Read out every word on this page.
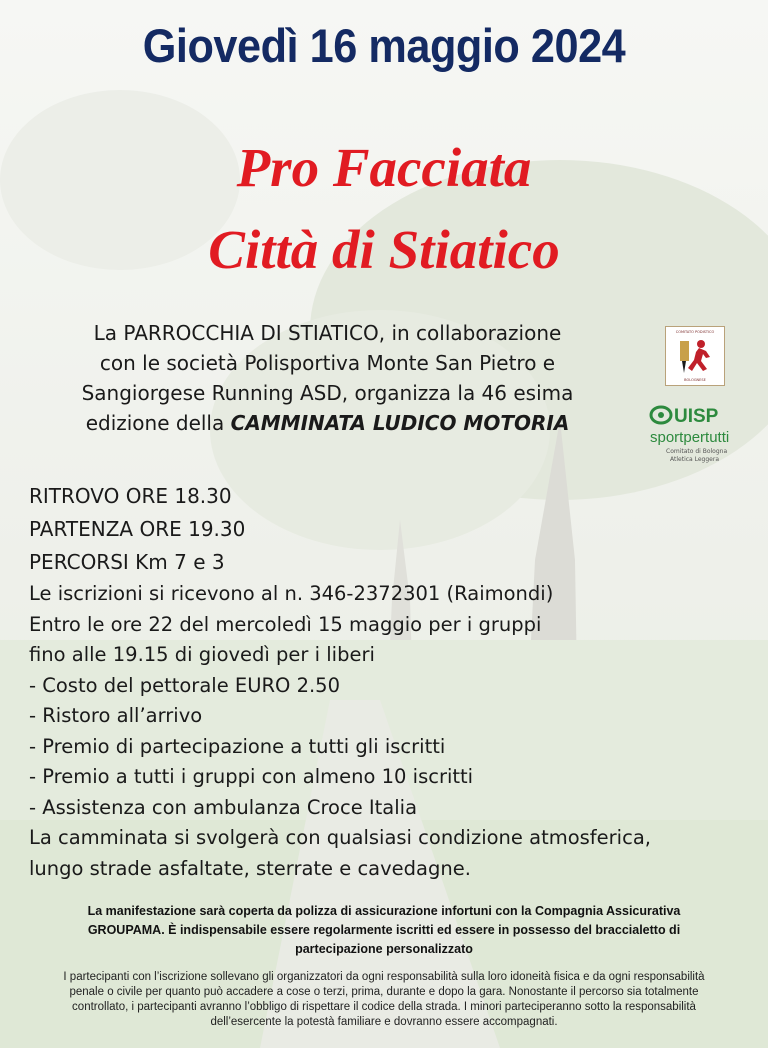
Giovedì 16 maggio 2024
Pro Facciata
Città di Stiatico
La PARROCCHIA DI STIATICO, in collaborazione
con le società Polisportiva Monte San Pietro e
Sangiorgese Running ASD, organizza la 46 esima
edizione della CAMMINATA LUDICO MOTORIA
COMITATO PODISTICO
BOLOGNESE
UISP
sportpertutti
Comitato di Bologna
Atletica Leggera
RITROVO ORE 18.30
PARTENZA ORE 19.30
PERCORSI Km 7 e 3
Le iscrizioni si ricevono al n. 346-2372301 (Raimondi)
Entro le ore 22 del mercoledì 15 maggio per i gruppi
fino alle 19.15 di giovedì per i liberi
- Costo del pettorale EURO 2.50
- Ristoro all’arrivo
- Premio di partecipazione a tutti gli iscritti
- Premio a tutti i gruppi con almeno 10 iscritti
- Assistenza con ambulanza Croce Italia
La camminata si svolgerà con qualsiasi condizione atmosferica,
lungo strade asfaltate, sterrate e cavedagne.
La manifestazione sarà coperta da polizza di assicurazione infortuni con la Compagnia Assicurativa
GROUPAMA. È indispensabile essere regolarmente iscritti ed essere in possesso del braccialetto di
partecipazione personalizzato
I partecipanti con l’iscrizione sollevano gli organizzatori da ogni responsabilità sulla loro idoneità fisica e da ogni responsabilità
penale o civile per quanto può accadere a cose o terzi, prima, durante e dopo la gara. Nonostante il percorso sia totalmente
controllato, i partecipanti avranno l’obbligo di rispettare il codice della strada. I minori parteciperanno sotto la responsabilità
dell’esercente la potestà familiare e dovranno essere accompagnati.
